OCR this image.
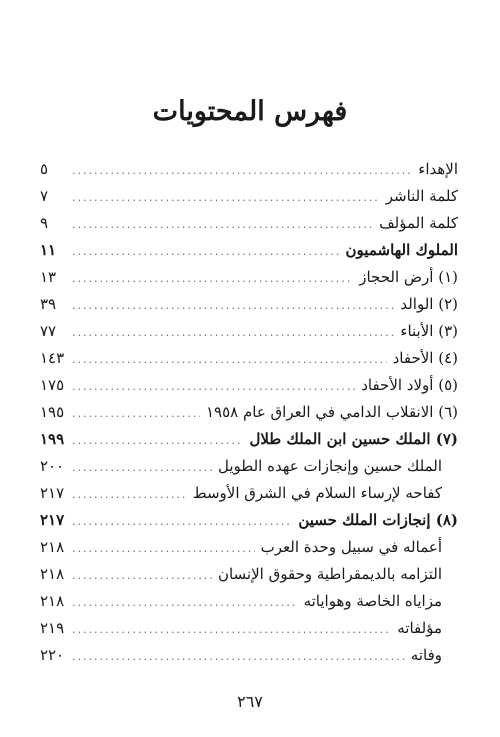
فهرس المحتويات
الإهداء
.....
٥
كلمة الناشر
.....
٧
كلمة المؤلف
.....
٩
الملوك الهاشميون
.....
١١
(١) أرض الحجاز
.....
١٣
(٢) الوالد
.....
٣٩
(٣) الأبناء
.....
٧٧
(٤) الأحفاد
.....
١٤٣
(٥) أولاد الأحفاد
.....
١٧٥
(٦) الانقلاب الدامي في العراق عام ١٩٥٨
.....
١٩٥
(٧) الملك حسين ابن الملك طلال
.....
١٩٩
الملك حسين وإنجازات عهده الطويل
.....
٢٠٠
كفاحه لإرساء السلام في الشرق الأوسط
.....
٢١٧
(٨) إنجازات الملك حسين
.....
٢١٧
أعماله في سبيل وحدة العرب
.....
٢١٨
التزامه بالديمقراطية وحقوق الإنسان
.....
٢١٨
مزاياه الخاصة وهواياته
.....
٢١٨
مؤلفاته
.....
٢١٩
وفاته
.....
٢٢٠
٢٦٧
